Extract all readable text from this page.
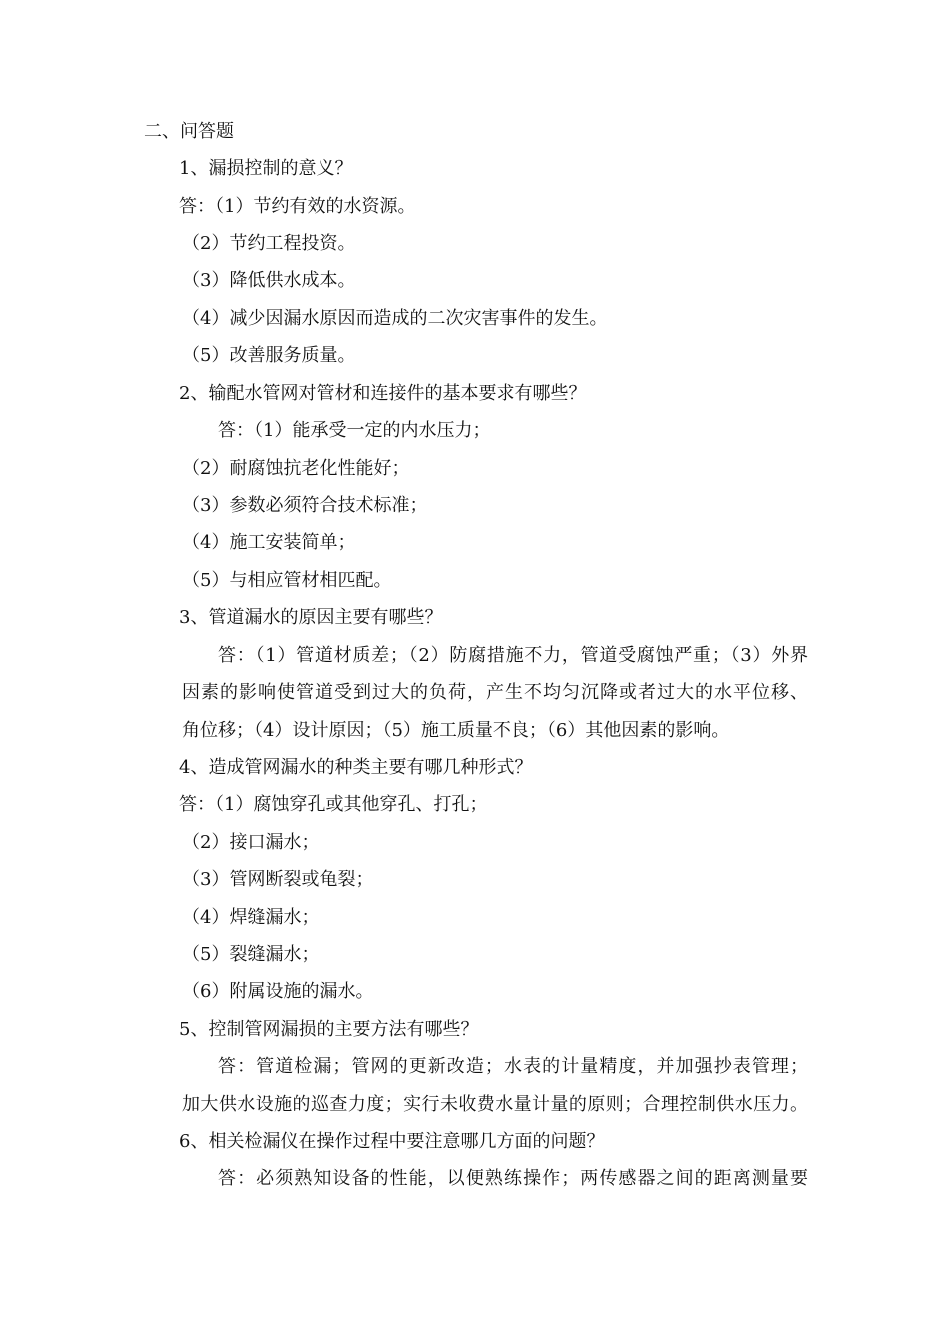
二、问答题
1、漏损控制的意义？
答：（1）节约有效的水资源。
（2）节约工程投资。
（3）降低供水成本。
（4）减少因漏水原因而造成的二次灾害事件的发生。
（5）改善服务质量。
2、输配水管网对管材和连接件的基本要求有哪些？
答：（1）能承受一定的内水压力；
（2）耐腐蚀抗老化性能好；
（3）参数必须符合技术标准；
（4）施工安装简单；
（5）与相应管材相匹配。
3、管道漏水的原因主要有哪些？
答：（1）管道材质差；（2）防腐措施不力，管道受腐蚀严重；（3）外界
因素的影响使管道受到过大的负荷，产生不均匀沉降或者过大的水平位移、
角位移；（4）设计原因；（5）施工质量不良；（6）其他因素的影响。
4、造成管网漏水的种类主要有哪几种形式？
答：（1）腐蚀穿孔或其他穿孔、打孔；
（2）接口漏水；
（3）管网断裂或龟裂；
（4）焊缝漏水；
（5）裂缝漏水；
（6）附属设施的漏水。
5、控制管网漏损的主要方法有哪些？
答：管道检漏；管网的更新改造；水表的计量精度，并加强抄表管理；
加大供水设施的巡查力度；实行未收费水量计量的原则；合理控制供水压力。
6、相关检漏仪在操作过程中要注意哪几方面的问题？
答：必须熟知设备的性能，以便熟练操作；两传感器之间的距离测量要
